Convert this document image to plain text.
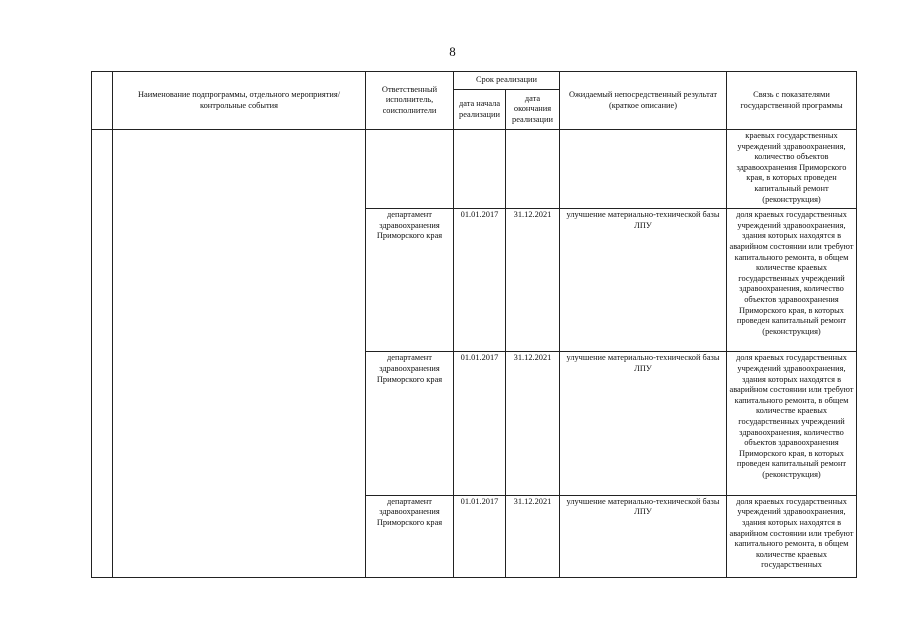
8
	Наименование подпрограммы, отдельного мероприятия/контрольные события	Ответственный исполнитель, соисполнители	Срок реализации		Ожидаемый непосредственный результат (краткое описание)	Связь с показателями государственной программы
			дата начала реализации	дата окончания реализации		
						краевых государственных учреждений здравоохранения, количество объектов здравоохранения Приморского края, в которых проведен капитальный ремонт (реконструкция)
		департамент здравоохранения Приморского края	01.01.2017	31.12.2021	улучшение материально-технической базы ЛПУ	доля краевых государственных учреждений здравоохранения, здания которых находятся в аварийном состоянии или требуют капитального ремонта, в общем количестве краевых государственных учреждений здравоохранения, количество объектов здравоохранения Приморского края, в которых проведен капитальный ремонт (реконструкция)
		департамент здравоохранения Приморского края	01.01.2017	31.12.2021	улучшение материально-технической базы ЛПУ	доля краевых государственных учреждений здравоохранения, здания которых находятся в аварийном состоянии или требуют капитального ремонта, в общем количестве краевых государственных учреждений здравоохранения, количество объектов здравоохранения Приморского края, в которых проведен капитальный ремонт (реконструкция)
		департамент здравоохранения Приморского края	01.01.2017	31.12.2021	улучшение материально-технической базы ЛПУ	доля краевых государственных учреждений здравоохранения, здания которых находятся в аварийном состоянии или требуют капитального ремонта, в общем количестве краевых государственных
